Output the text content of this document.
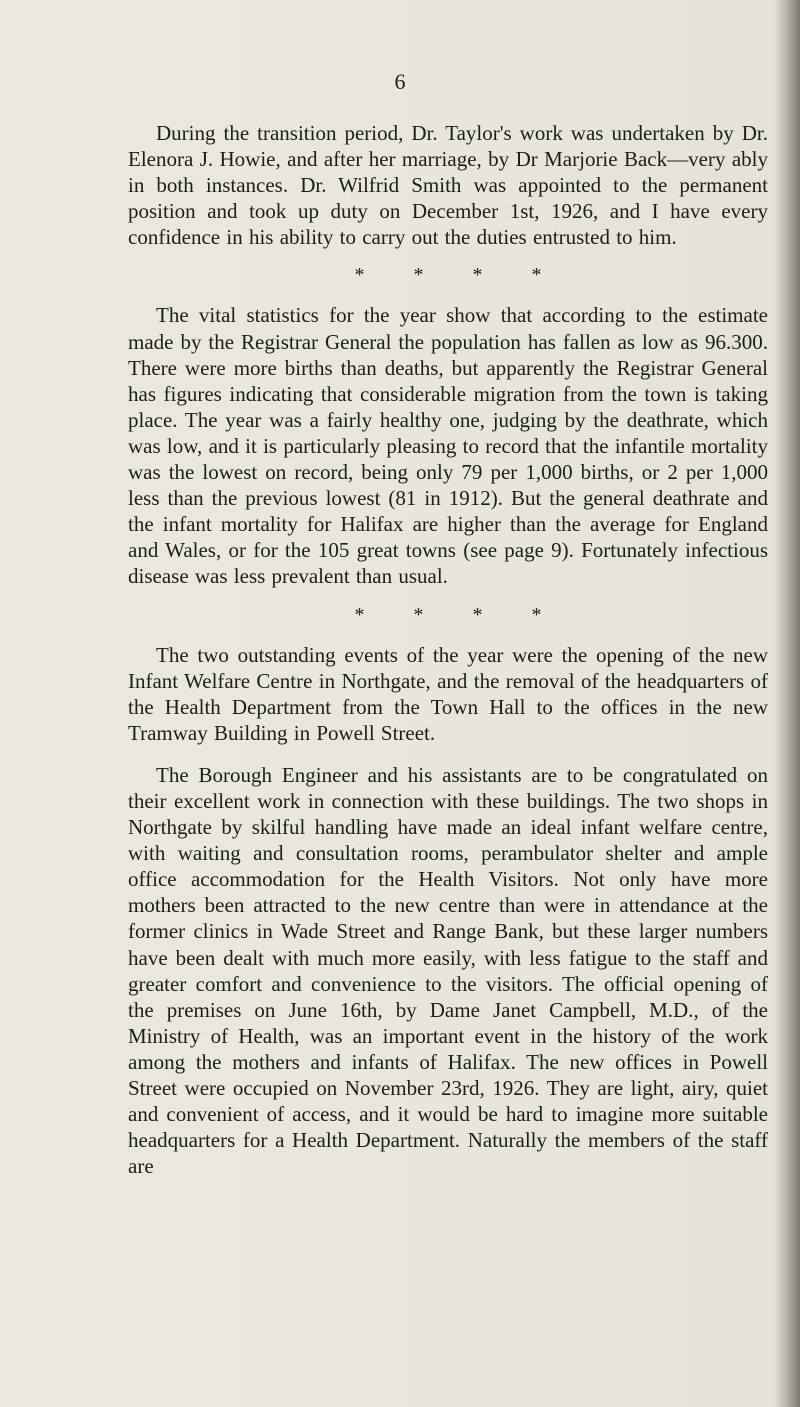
6

During the transition period, Dr. Taylor's work was undertaken by Dr. Elenora J. Howie, and after her marriage, by Dr Marjorie Back—very ably in both instances. Dr. Wilfrid Smith was appointed to the permanent position and took up duty on December 1st, 1926, and I have every confidence in his ability to carry out the duties entrusted to him.

* * * *

The vital statistics for the year show that according to the estimate made by the Registrar General the population has fallen as low as 96.300. There were more births than deaths, but apparently the Registrar General has figures indicating that considerable migration from the town is taking place. The year was a fairly healthy one, judging by the deathrate, which was low, and it is particularly pleasing to record that the infantile mortality was the lowest on record, being only 79 per 1,000 births, or 2 per 1,000 less than the previous lowest (81 in 1912). But the general deathrate and the infant mortality for Halifax are higher than the average for England and Wales, or for the 105 great towns (see page 9). Fortunately infectious disease was less prevalent than usual.

* * * *

The two outstanding events of the year were the opening of the new Infant Welfare Centre in Northgate, and the removal of the headquarters of the Health Department from the Town Hall to the offices in the new Tramway Building in Powell Street.

The Borough Engineer and his assistants are to be congratulated on their excellent work in connection with these buildings. The two shops in Northgate by skilful handling have made an ideal infant welfare centre, with waiting and consultation rooms, perambulator shelter and ample office accommodation for the Health Visitors. Not only have more mothers been attracted to the new centre than were in attendance at the former clinics in Wade Street and Range Bank, but these larger numbers have been dealt with much more easily, with less fatigue to the staff and greater comfort and convenience to the visitors. The official opening of the premises on June 16th, by Dame Janet Campbell, M.D., of the Ministry of Health, was an important event in the history of the work among the mothers and infants of Halifax. The new offices in Powell Street were occupied on November 23rd, 1926. They are light, airy, quiet and convenient of access, and it would be hard to imagine more suitable headquarters for a Health Department. Naturally the members of the staff are
